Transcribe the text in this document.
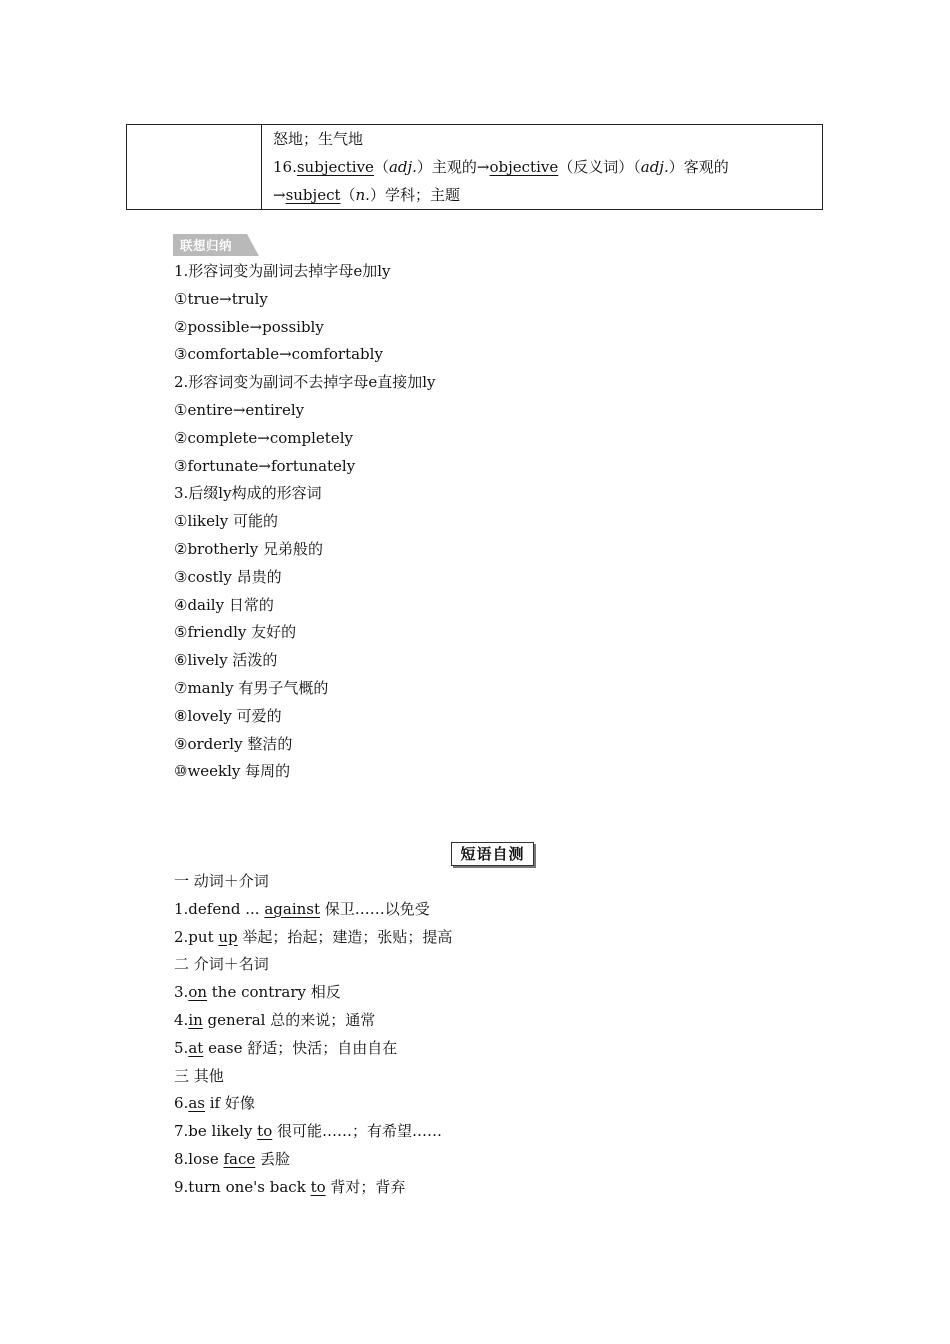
怒地；生气地
16.subjective（adj.）主观的→objective（反义词）（adj.）客观的
→subject（n.）学科；主题
联想归纳
1.形容词变为副词去掉字母e加ly
①true→truly
②possible→possibly
③comfortable→comfortably
2.形容词变为副词不去掉字母e直接加ly
①entire→entirely
②complete→completely
③fortunate→fortunately
3.后缀ly构成的形容词
①likely 可能的
②brotherly 兄弟般的
③costly 昂贵的
④daily 日常的
⑤friendly 友好的
⑥lively 活泼的
⑦manly 有男子气概的
⑧lovely 可爱的
⑨orderly 整洁的
⑩weekly 每周的
短语自测
一 动词＋介词
1.defend ... against 保卫……以免受
2.put up 举起；抬起；建造；张贴；提高
二 介词＋名词
3.on the contrary 相反
4.in general 总的来说；通常
5.at ease 舒适；快活；自由自在
三 其他
6.as if 好像
7.be likely to 很可能……；有希望……
8.lose face 丢脸
9.turn one's back to 背对；背弃
